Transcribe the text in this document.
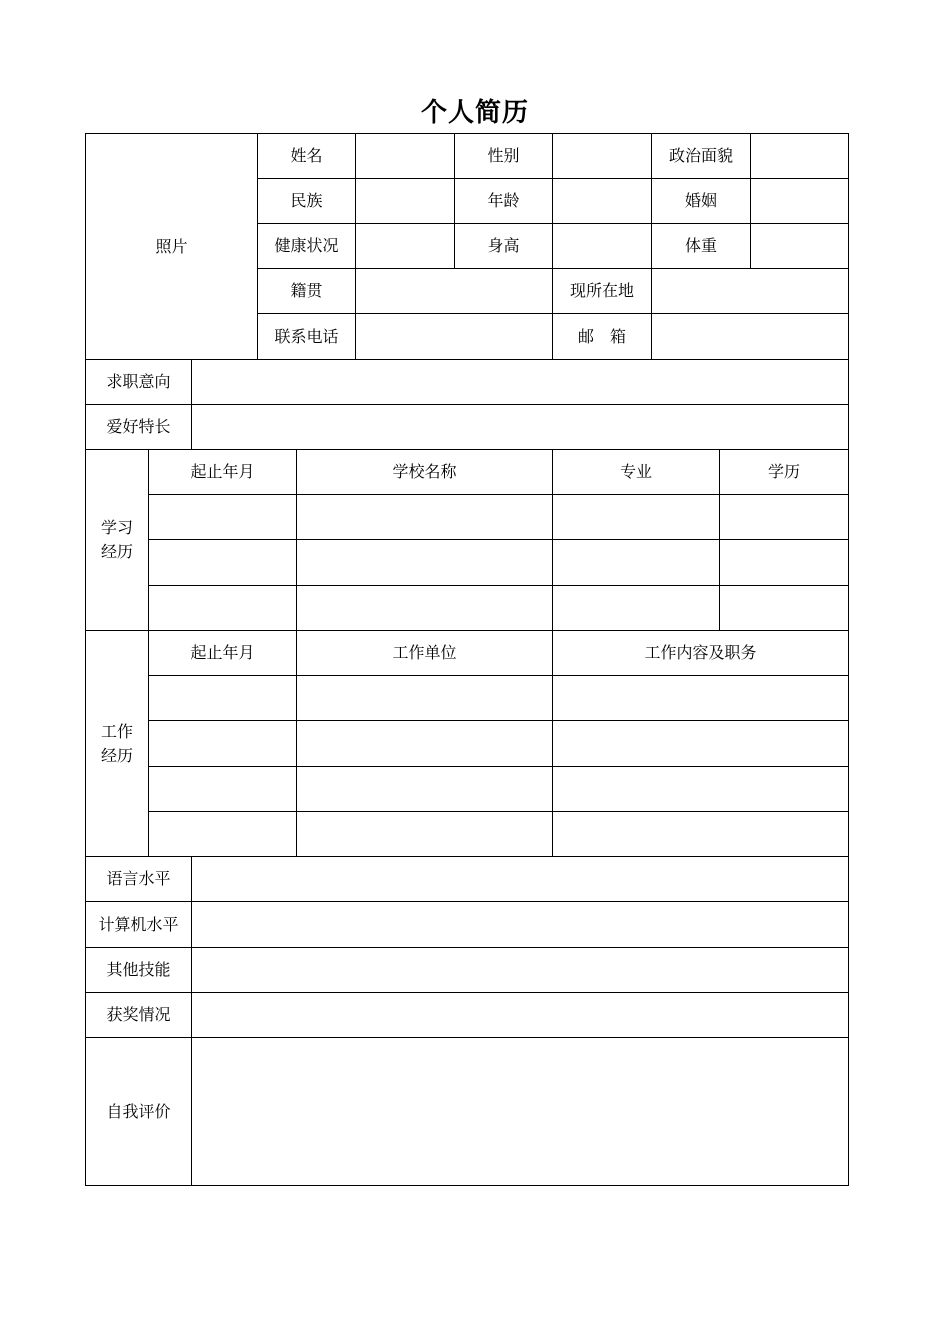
个人简历
照片
姓名	性别	政治面貌
民族	年龄	婚姻
健康状况	身高	体重
籍贯	现所在地
联系电话	邮　箱
求职意向
爱好特长
学习
经历
起止年月	学校名称	专业	学历
工作
经历
起止年月	工作单位	工作内容及职务
语言水平
计算机水平
其他技能
获奖情况
自我评价
